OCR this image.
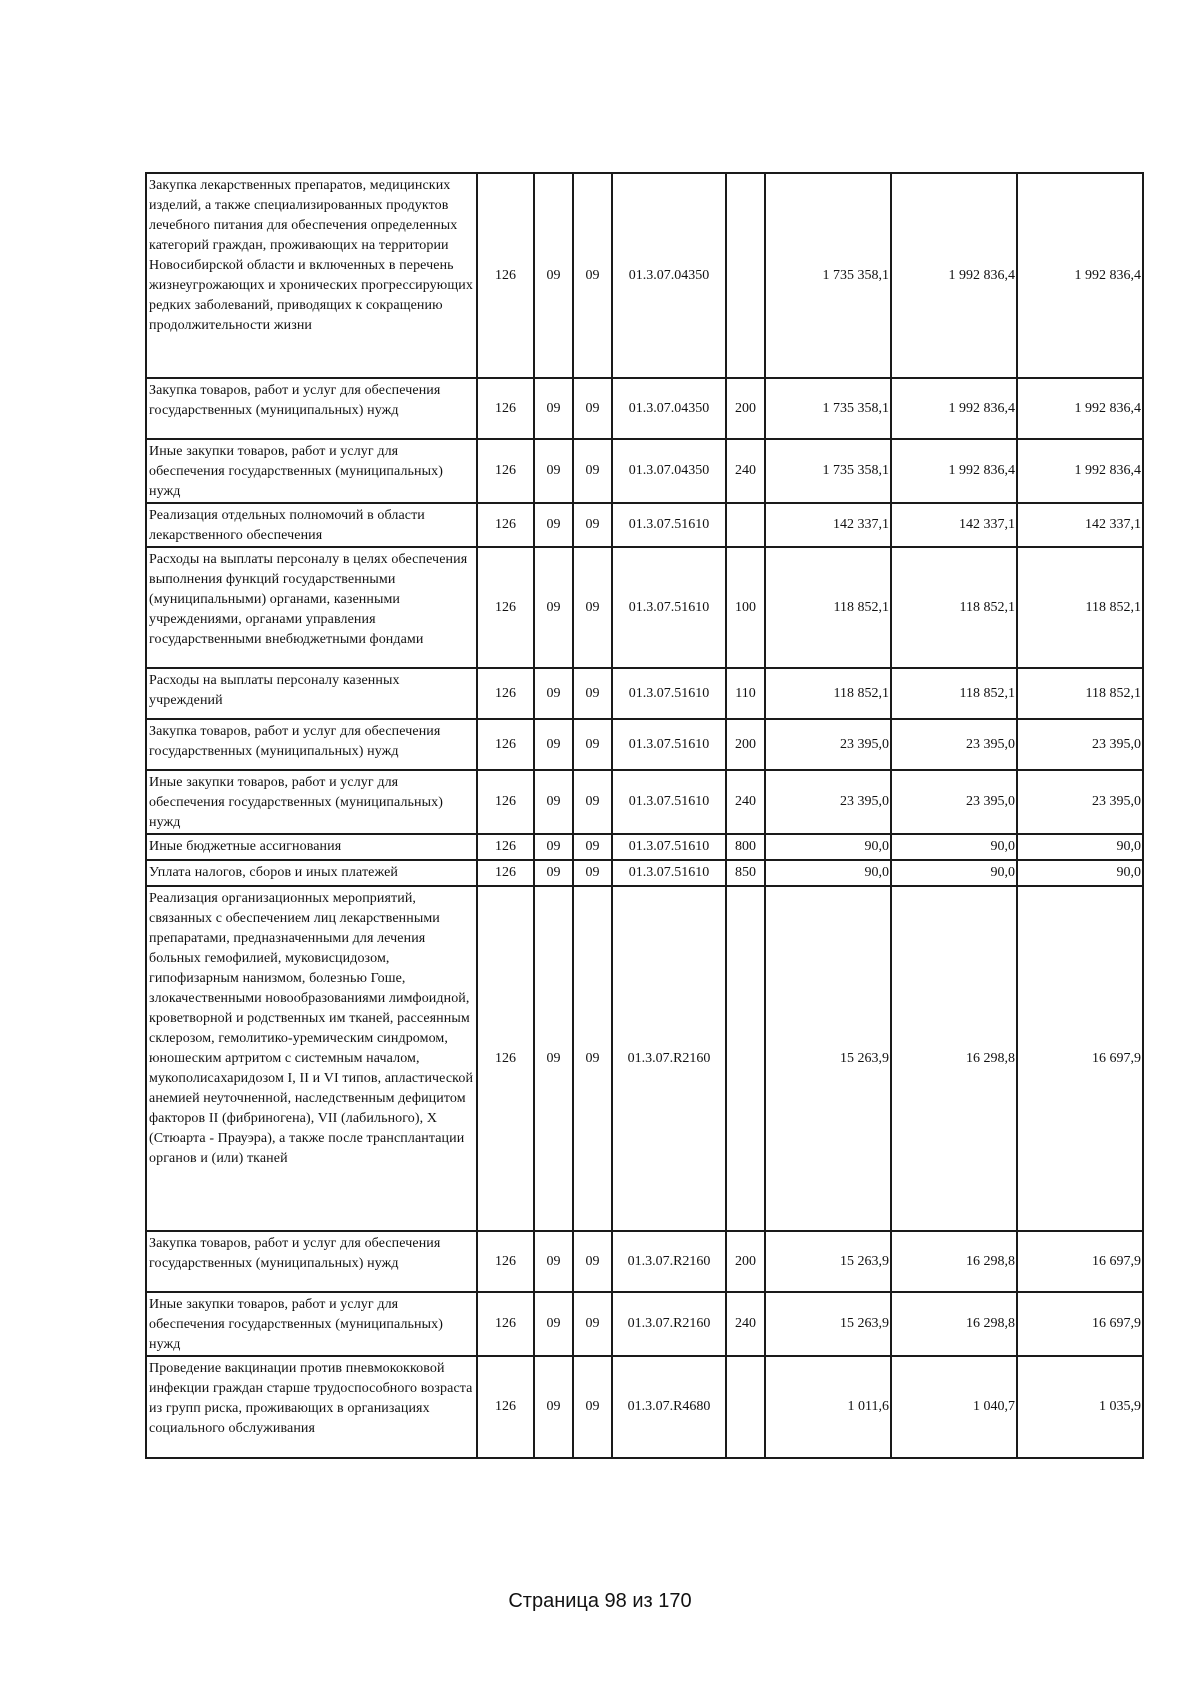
Закупка лекарственных препаратов, медицинских изделий, а также специализированных продуктов лечебного питания для обеспечения определенных категорий граждан, проживающих на территории Новосибирской области и включенных в перечень жизнеугрожающих и хронических прогрессирующих редких заболеваний, приводящих к сокращению продолжительности жизни	126	09	09	01.3.07.04350		1 735 358,1	1 992 836,4	1 992 836,4
Закупка товаров, работ и услуг для обеспечения государственных (муниципальных) нужд	126	09	09	01.3.07.04350	200	1 735 358,1	1 992 836,4	1 992 836,4
Иные закупки товаров, работ и услуг для обеспечения государственных (муниципальных) нужд	126	09	09	01.3.07.04350	240	1 735 358,1	1 992 836,4	1 992 836,4
Реализация отдельных полномочий в области лекарственного обеспечения	126	09	09	01.3.07.51610		142 337,1	142 337,1	142 337,1
Расходы на выплаты персоналу в целях обеспечения выполнения функций государственными (муниципальными) органами, казенными учреждениями, органами управления государственными внебюджетными фондами	126	09	09	01.3.07.51610	100	118 852,1	118 852,1	118 852,1
Расходы на выплаты персоналу казенных учреждений	126	09	09	01.3.07.51610	110	118 852,1	118 852,1	118 852,1
Закупка товаров, работ и услуг для обеспечения государственных (муниципальных) нужд	126	09	09	01.3.07.51610	200	23 395,0	23 395,0	23 395,0
Иные закупки товаров, работ и услуг для обеспечения государственных (муниципальных) нужд	126	09	09	01.3.07.51610	240	23 395,0	23 395,0	23 395,0
Иные бюджетные ассигнования	126	09	09	01.3.07.51610	800	90,0	90,0	90,0
Уплата налогов, сборов и иных платежей	126	09	09	01.3.07.51610	850	90,0	90,0	90,0
Реализация организационных мероприятий, связанных с обеспечением лиц лекарственными препаратами, предназначенными для лечения больных гемофилией, муковисцидозом, гипофизарным нанизмом, болезнью Гоше, злокачественными новообразованиями лимфоидной, кроветворной и родственных им тканей, рассеянным склерозом, гемолитико-уремическим синдромом, юношеским артритом с системным началом, мукополисахаридозом I, II и VI типов, апластической анемией неуточненной, наследственным дефицитом факторов II (фибриногена), VII (лабильного), X (Стюарта - Прауэра), а также после трансплантации органов и (или) тканей	126	09	09	01.3.07.R2160		15 263,9	16 298,8	16 697,9
Закупка товаров, работ и услуг для обеспечения государственных (муниципальных) нужд	126	09	09	01.3.07.R2160	200	15 263,9	16 298,8	16 697,9
Иные закупки товаров, работ и услуг для обеспечения государственных (муниципальных) нужд	126	09	09	01.3.07.R2160	240	15 263,9	16 298,8	16 697,9
Проведение вакцинации против пневмококковой инфекции граждан старше трудоспособного возраста из групп риска, проживающих в организациях социального обслуживания	126	09	09	01.3.07.R4680		1 011,6	1 040,7	1 035,9
Страница 98 из 170
